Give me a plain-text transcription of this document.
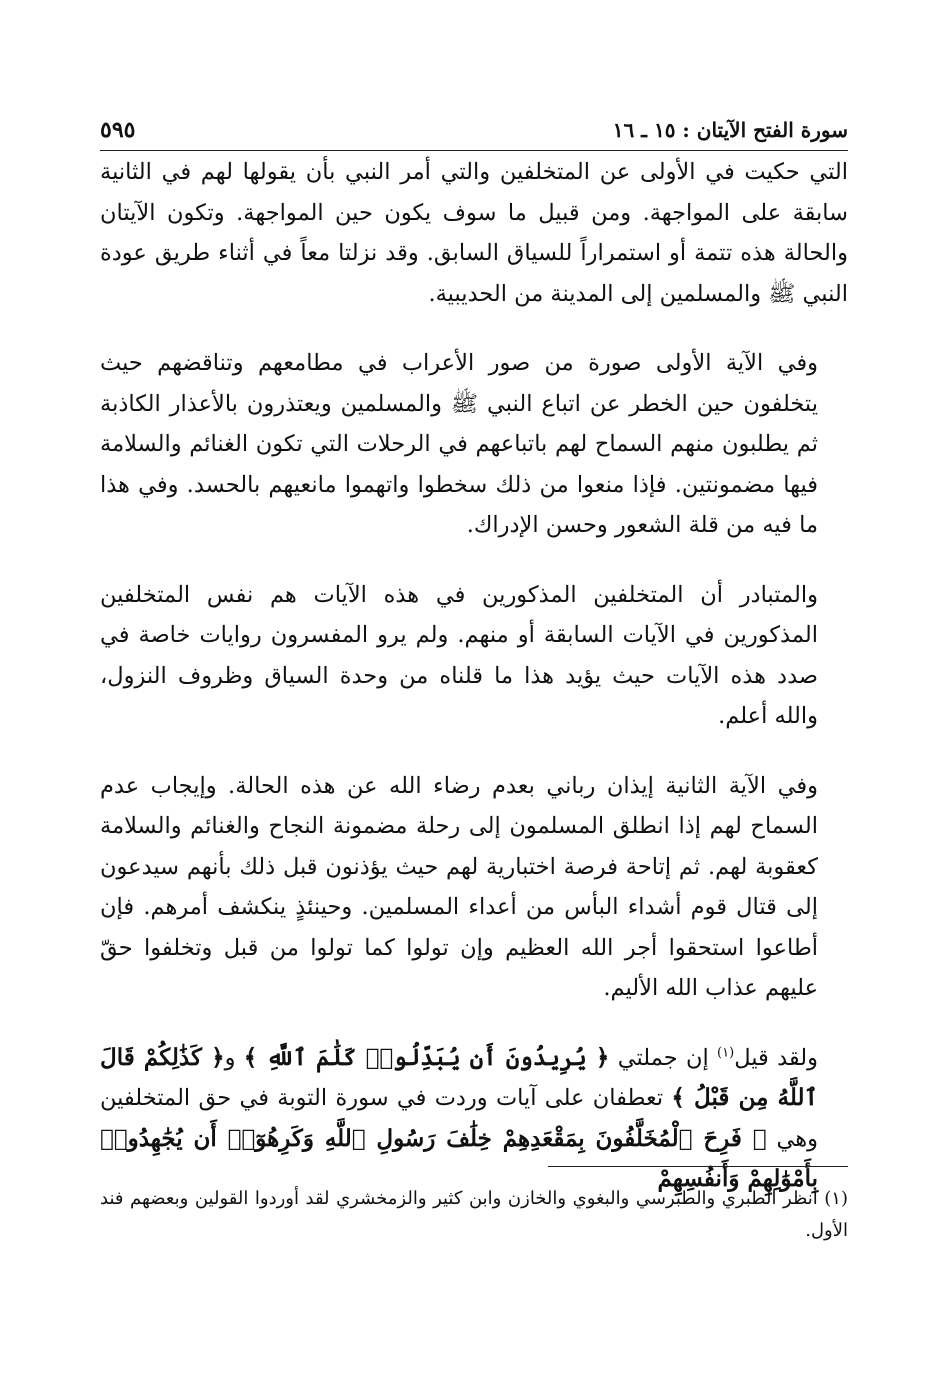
سورة الفتح الآيتان : ١٥ ـ ١٦
٥٩٥

التي حكيت في الأولى عن المتخلفين والتي أمر النبي بأن يقولها لهم في الثانية سابقة على المواجهة. ومن قبيل ما سوف يكون حين المواجهة. وتكون الآيتان والحالة هذه تتمة أو استمراراً للسياق السابق. وقد نزلتا معاً في أثناء طريق عودة النبي ﷺ والمسلمين إلى المدينة من الحديبية.

وفي الآية الأولى صورة من صور الأعراب في مطامعهم وتناقضهم حيث يتخلفون حين الخطر عن اتباع النبي ﷺ والمسلمين ويعتذرون بالأعذار الكاذبة ثم يطلبون منهم السماح لهم باتباعهم في الرحلات التي تكون الغنائم والسلامة فيها مضمونتين. فإذا منعوا من ذلك سخطوا واتهموا مانعيهم بالحسد. وفي هذا ما فيه من قلة الشعور وحسن الإدراك.

والمتبادر أن المتخلفين المذكورين في هذه الآيات هم نفس المتخلفين المذكورين في الآيات السابقة أو منهم. ولم يرو المفسرون روايات خاصة في صدد هذه الآيات حيث يؤيد هذا ما قلناه من وحدة السياق وظروف النزول، والله أعلم.

وفي الآية الثانية إيذان رباني بعدم رضاء الله عن هذه الحالة. وإيجاب عدم السماح لهم إذا انطلق المسلمون إلى رحلة مضمونة النجاح والغنائم والسلامة كعقوبة لهم. ثم إتاحة فرصة اختبارية لهم حيث يؤذنون قبل ذلك بأنهم سيدعون إلى قتال قوم أشداء البأس من أعداء المسلمين. وحينئذٍ ينكشف أمرهم. فإن أطاعوا استحقوا أجر الله العظيم وإن تولوا كما تولوا من قبل وتخلفوا حقّ عليهم عذاب الله الأليم.

ولقد قيل$^{(١)}$ إن جملتي ﴿ يُرِيدُونَ أَن يُبَدِّلُوا۟ كَلَٰمَ ٱللَّهِ ﴾ و﴿ كَذَٰلِكُمْ قَالَ ٱللَّهُ مِن قَبْلُ ﴾ تعطفان على آيات وردت في سورة التوبة في حق المتخلفين وهي ﴿ فَرِحَ ٱلْمُخَلَّفُونَ بِمَقْعَدِهِمْ خِلَٰفَ رَسُولِ ٱللَّهِ وَكَرِهُوٓا۟ أَن يُجَٰهِدُوا۟ بِأَمْوَٰلِهِمْ وَأَنفُسِهِمْ

(١) انظر الطبري والطبرسي والبغوي والخازن وابن كثير والزمخشري لقد أوردوا القولين وبعضهم فند الأول.
